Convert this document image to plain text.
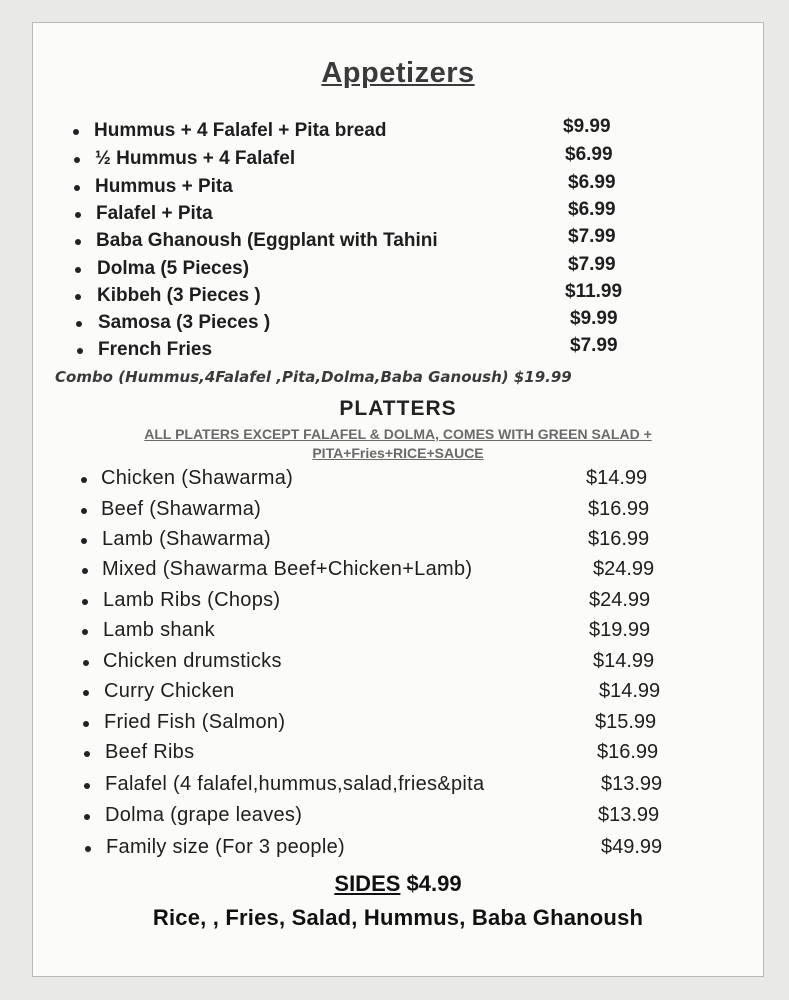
Appetizers
Hummus + 4 Falafel + Pita bread	$9.99
½ Hummus + 4 Falafel	$6.99
Hummus + Pita	$6.99
Falafel + Pita	$6.99
Baba Ghanoush (Eggplant with Tahini	$7.99
Dolma (5 Pieces)	$7.99
Kibbeh (3 Pieces )	$11.99
Samosa (3 Pieces )	$9.99
French Fries	$7.99
Combo (Hummus,4Falafel ,Pita,Dolma,Baba Ganoush) $19.99
PLATTERS
ALL PLATERS EXCEPT FALAFEL & DOLMA, COMES WITH GREEN SALAD +
PITA+Fries+RICE+SAUCE
Chicken (Shawarma)	$14.99
Beef (Shawarma)	$16.99
Lamb (Shawarma)	$16.99
Mixed (Shawarma Beef+Chicken+Lamb)	$24.99
Lamb Ribs (Chops)	$24.99
Lamb shank	$19.99
Chicken drumsticks	$14.99
Curry Chicken	$14.99
Fried Fish (Salmon)	$15.99
Beef Ribs	$16.99
Falafel (4 falafel,hummus,salad,fries&pita	$13.99
Dolma (grape leaves)	$13.99
Family size (For 3 people)	$49.99
SIDES $4.99
Rice, , Fries, Salad, Hummus, Baba Ghanoush
